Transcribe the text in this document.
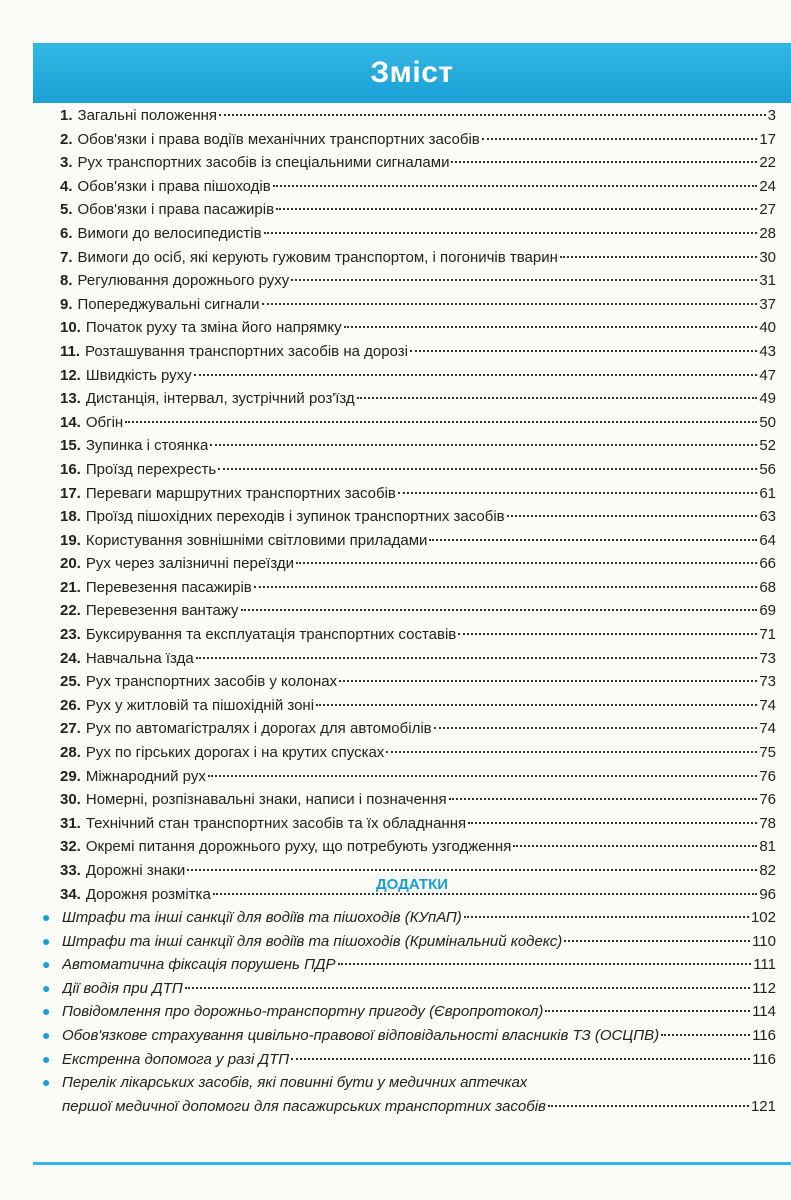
Зміст
1. Загальні положення	3
2. Обов'язки і права водіїв механічних транспортних засобів	17
3. Рух транспортних засобів із спеціальними сигналами	22
4. Обов'язки і права пішоходів	24
5. Обов'язки і права пасажирів	27
6. Вимоги до велосипедистів	28
7. Вимоги до осіб, які керують гужовим транспортом, і погоничів тварин	30
8. Регулювання дорожнього руху	31
9. Попереджувальні сигнали	37
10. Початок руху та зміна його напрямку	40
11. Розташування транспортних засобів на дорозі	43
12. Швидкість руху	47
13. Дистанція, інтервал, зустрічний роз'їзд	49
14. Обгін	50
15. Зупинка і стоянка	52
16. Проїзд перехресть	56
17. Переваги маршрутних транспортних засобів	61
18. Проїзд пішохідних переходів і зупинок транспортних засобів	63
19. Користування зовнішніми світловими приладами	64
20. Рух через залізничні переїзди	66
21. Перевезення пасажирів	68
22. Перевезення вантажу	69
23. Буксирування та експлуатація транспортних составів	71
24. Навчальна їзда	73
25. Рух транспортних засобів у колонах	73
26. Рух у житловій та пішохідній зоні	74
27. Рух по автомагістралях і дорогах для автомобілів	74
28. Рух по гірських дорогах і на крутих спусках	75
29. Міжнародний рух	76
30. Номерні, розпізнавальні знаки, написи і позначення	76
31. Технічний стан транспортних засобів та їх обладнання	78
32. Окремі питання дорожнього руху, що потребують узгодження	81
33. Дорожні знаки	82
34. Дорожня розмітка	96
ДОДАТКИ
● Штрафи та інші санкції для водіїв та пішоходів (КУпАП)	102
● Штрафи та інші санкції для водіїв та пішоходів (Кримінальний кодекс)	110
● Автоматична фіксація порушень ПДР	111
● Дії водія при ДТП	112
● Повідомлення про дорожньо-транспортну пригоду (Європротокол)	114
● Обов'язкове страхування цивільно-правової відповідальності власників ТЗ (ОСЦПВ)	116
● Екстренна допомога у разі ДТП	116
● Перелік лікарських засобів, які повинні бути у медичних аптечках
першої медичної допомоги для пасажирських транспортних засобів	121
